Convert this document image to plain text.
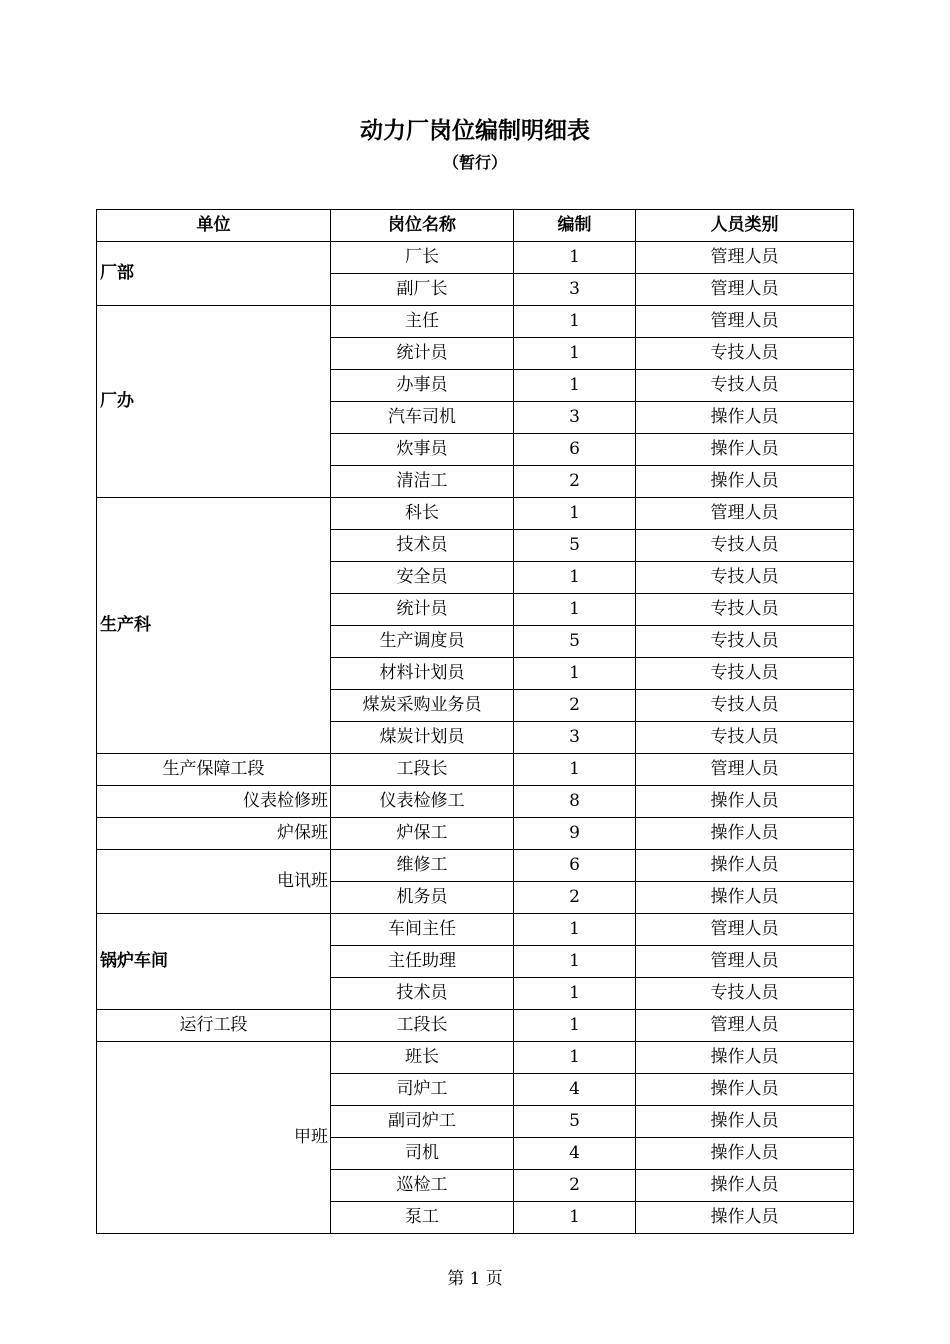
动力厂岗位编制明细表
（暂行）
单位	岗位名称	编制	人员类别
厂部	厂长	1	管理人员
	副厂长	3	管理人员
厂办	主任	1	管理人员
	统计员	1	专技人员
	办事员	1	专技人员
	汽车司机	3	操作人员
	炊事员	6	操作人员
	清洁工	2	操作人员
生产科	科长	1	管理人员
	技术员	5	专技人员
	安全员	1	专技人员
	统计员	1	专技人员
	生产调度员	5	专技人员
	材料计划员	1	专技人员
	煤炭采购业务员	2	专技人员
	煤炭计划员	3	专技人员
生产保障工段	工段长	1	管理人员
仪表检修班	仪表检修工	8	操作人员
炉保班	炉保工	9	操作人员
电讯班	维修工	6	操作人员
	机务员	2	操作人员
锅炉车间	车间主任	1	管理人员
	主任助理	1	管理人员
	技术员	1	专技人员
运行工段	工段长	1	管理人员
甲班	班长	1	操作人员
	司炉工	4	操作人员
	副司炉工	5	操作人员
	司机	4	操作人员
	巡检工	2	操作人员
	泵工	1	操作人员
第 1 页
